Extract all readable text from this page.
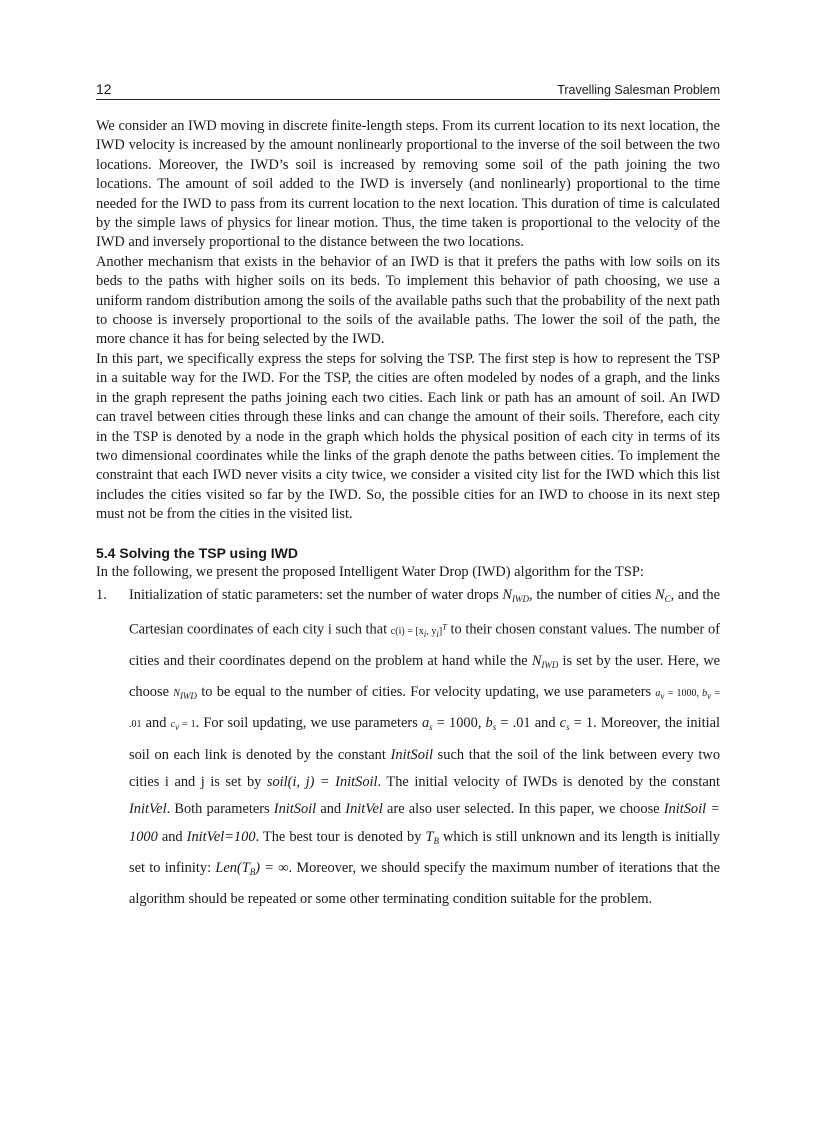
12	Travelling Salesman Problem

We consider an IWD moving in discrete finite-length steps. From its current location to its next location, the IWD velocity is increased by the amount nonlinearly proportional to the inverse of the soil between the two locations. Moreover, the IWD’s soil is increased by removing some soil of the path joining the two locations. The amount of soil added to the IWD is inversely (and nonlinearly) proportional to the time needed for the IWD to pass from its current location to the next location. This duration of time is calculated by the simple laws of physics for linear motion. Thus, the time taken is proportional to the velocity of the IWD and inversely proportional to the distance between the two locations.

Another mechanism that exists in the behavior of an IWD is that it prefers the paths with low soils on its beds to the paths with higher soils on its beds. To implement this behavior of path choosing, we use a uniform random distribution among the soils of the available paths such that the probability of the next path to choose is inversely proportional to the soils of the available paths. The lower the soil of the path, the more chance it has for being selected by the IWD.

In this part, we specifically express the steps for solving the TSP. The first step is how to represent the TSP in a suitable way for the IWD. For the TSP, the cities are often modeled by nodes of a graph, and the links in the graph represent the paths joining each two cities. Each link or path has an amount of soil. An IWD can travel between cities through these links and can change the amount of their soils. Therefore, each city in the TSP is denoted by a node in the graph which holds the physical position of each city in terms of its two dimensional coordinates while the links of the graph denote the paths between cities. To implement the constraint that each IWD never visits a city twice, we consider a visited city list for the IWD which this list includes the cities visited so far by the IWD. So, the possible cities for an IWD to choose in its next step must not be from the cities in the visited list.

5.4 Solving the TSP using IWD

In the following, we present the proposed Intelligent Water Drop (IWD) algorithm for the TSP:

1. Initialization of static parameters: set the number of water drops $N_{IWD}$, the number of cities $N_C$, and the Cartesian coordinates of each city i such that c(i) = [xi, yi]$^T$ to their chosen constant values. The number of cities and their coordinates depend on the problem at hand while the $N_{IWD}$ is set by the user. Here, we choose NIWD to be equal to the number of cities. For velocity updating, we use parameters av = 1000, bv = .01 and cv = 1. For soil updating, we use parameters $a_s = 1000$, $b_s = .01$ and $c_s = 1$. Moreover, the initial soil on each link is denoted by the constant InitSoil such that the soil of the link between every two cities i and j is set by soil(i, j) = InitSoil. The initial velocity of IWDs is denoted by the constant InitVel. Both parameters InitSoil and InitVel are also user selected. In this paper, we choose InitSoil = 1000 and InitVel=100. The best tour is denoted by $T_B$ which is still unknown and its length is initially set to infinity: $Len(T_B)$ = ∞. Moreover, we should specify the maximum number of iterations that the algorithm should be repeated or some other terminating condition suitable for the problem.
